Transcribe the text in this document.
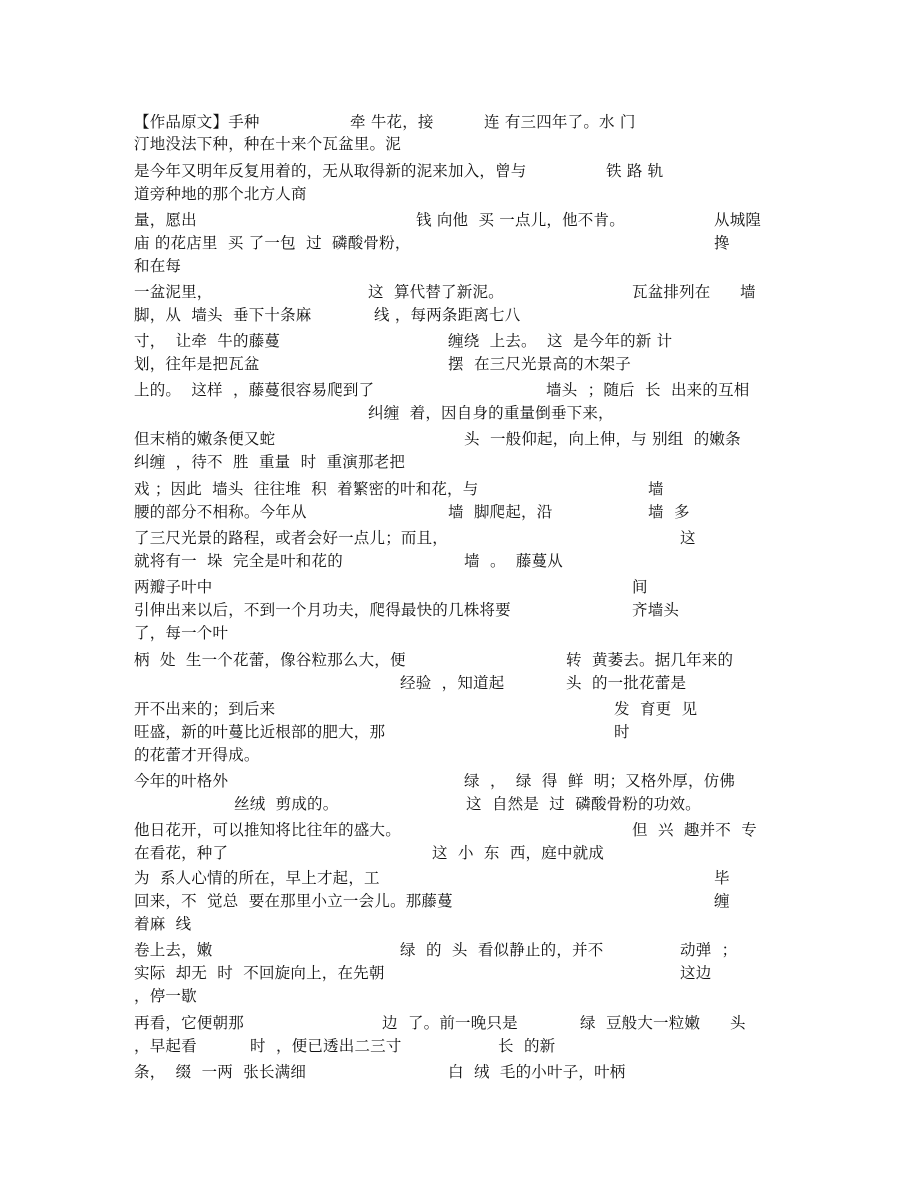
【作品原文】手种	牵 牛花，接	连 有三四年了。水 门
汀地没法下种，种在十来个瓦盆里。泥
是今年又明年反复用着的，无从取得新的泥来加入，曾与	铁 路 轨
道旁种地的那个北方人商
量，愿出	钱 向他  买 一点儿，他不肯。	从城隍
庙 的花店里  买 了一包  过  磷酸骨粉，	搀
和在每
一盆泥里，	这  算代替了新泥。	瓦盆排列在 墙
脚，从  墙头  垂下十条麻	线 ，每两条距离七八
寸，  让牵  牛的藤蔓	缠绕  上去。  这  是今年的新 计
划，往年是把瓦盆	摆  在三尺光景高的木架子
上的。  这样  ，藤蔓很容易爬到了	墙头  ；随后  长  出来的互相
纠缠  着，因自身的重量倒垂下来，
但末梢的嫩条便又蛇	头  一般仰起，向上伸，与 别组  的嫩条
纠缠  ，待不  胜  重量  时  重演那老把
戏 ；因此  墙头  往往堆  积  着繁密的叶和花，与	墙
腰的部分不相称。今年从	墙  脚爬起，沿	墙  多
了三尺光景的路程，或者会好一点儿；而且，	这
就将有一  垛  完全是叶和花的	墙  。  藤蔓从
两瓣子叶中	间
引伸出来以后，不到一个月功夫，爬得最快的几株将要	齐墙头
了，每一个叶
柄  处  生一个花蕾，像谷粒那么大，便	转  黄萎去。据几年来的
经验  ，知道起	头  的一批花蕾是
开不出来的；到后来	发  育更  见
旺盛，新的叶蔓比近根部的肥大，那	时
的花蕾才开得成。
今年的叶格外	绿  ，  绿  得  鲜  明；又格外厚，仿佛
丝绒  剪成的。	这  自然是  过  磷酸骨粉的功效。
他日花开，可以推知将比往年的盛大。	但  兴  趣并不  专
在看花，种了	这  小  东  西，庭中就成
为  系人心情的所在，早上才起，工	毕
回来，不  觉总  要在那里小立一会儿。那藤蔓	缠
着麻  线
卷上去，嫩	绿  的  头  看似静止的，并不	动弹  ；
实际  却无  时  不回旋向上，在先朝	这边
，停一歇
再看，它便朝那	边  了。前一晚只是	绿  豆般大一粒嫩 头
，早起看	时  ，便已透出二三寸	长  的新
条，  缀  一两  张长满细	白  绒  毛的小叶子，叶柄
